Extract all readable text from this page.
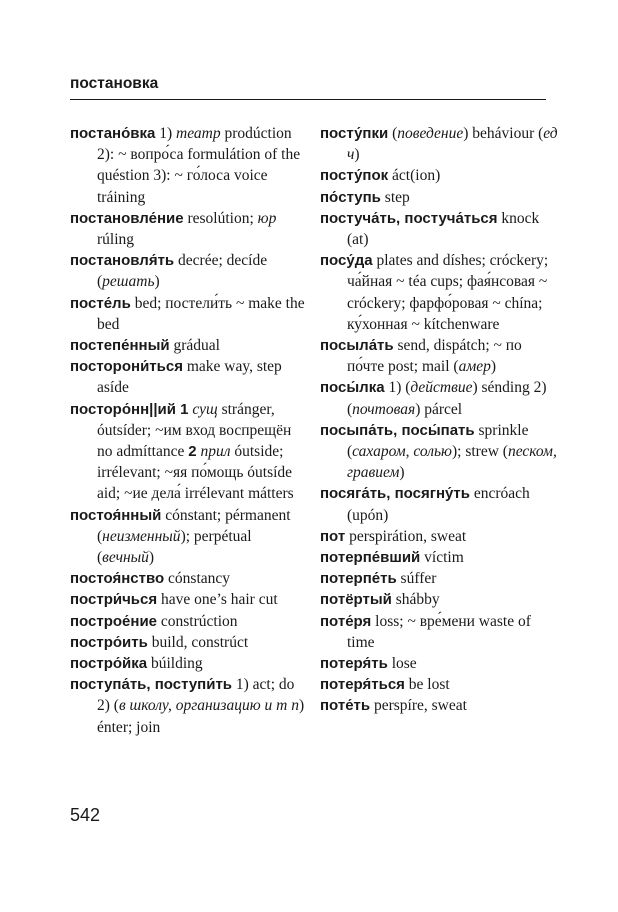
постановка

постано́вка 1) театр prodúction 2): ~ вопро́са formulátion of the quéstion 3): ~ го́лоса voice tráining

постановле́ние resolútion; юр rúling

постановля́ть decrée; decíde (решать)

посте́ль bed; постели́ть ~ make the bed

постепе́нный grádual

посторони́ться make way, step asíde

посторо́нн||ий 1 сущ stránger, óutsíder; ~им вход воспрещён no admíttance 2 прил óutside; irrélevant; ~яя по́мощь óutsíde aid; ~ие дела́ irrélevant mátters

постоя́нный cónstant; pérmanent (неизменный); perpétual (вечный)

постоя́нство cónstancy

постри́чься have one’s hair cut

построе́ние constrúction

постро́ить build, constrúct

постро́йка búilding

поступа́ть, поступи́ть 1) act; do 2) (в школу, организацию и т п) énter; join

посту́пки (поведение) beháviour (ед ч)

посту́пок áct(ion)

по́ступь step

постуча́ть, постуча́ться knock (at)

посу́да plates and díshes; cróckery; ча́йная ~ téa cups; фая́нсовая ~ cróckery; фарфо́ровая ~ chína; ку́хонная ~ kítchenware

посыла́ть send, dispátch; ~ по по́чте post; mail (амер)

посы́лка 1) (действие) sénding 2) (почтовая) párcel

посыпа́ть, посы́пать sprinkle (сахаром, солью); strew (песком, гравием)

посяга́ть, посягну́ть encróach (upón)

пот perspirátion, sweat

потерпе́вший víctim

потерпе́ть súffer

потёртый shábby

поте́ря loss; ~ вре́мени waste of time

потеря́ть lose

потеря́ться be lost

поте́ть perspíre, sweat

542
